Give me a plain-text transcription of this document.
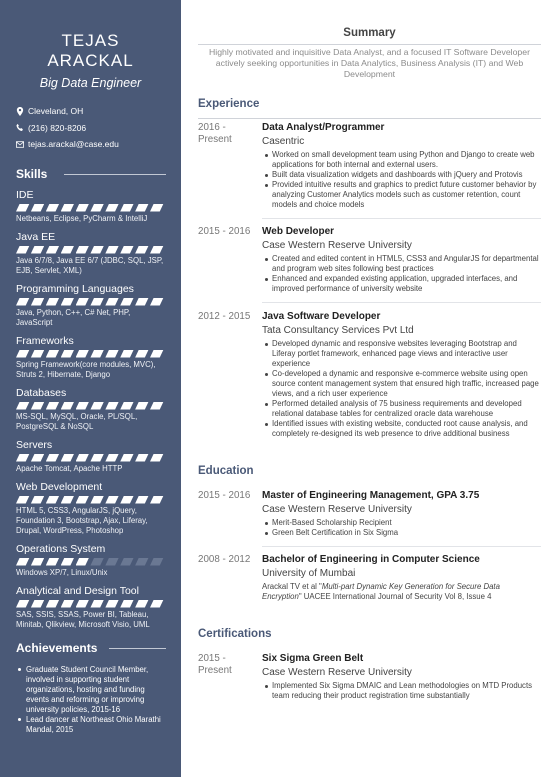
TEJAS ARACKAL
Big Data Engineer
Cleveland, OH
(216) 820-8206
tejas.arackal@case.edu
Skills
IDE
Netbeans, Eclipse, PyCharm & IntelliJ
Java EE
Java 6/7/8, Java EE 6/7 (JDBC, SQL, JSP, EJB, Servlet, XML)
Programming Languages
Java, Python, C++, C# Net, PHP, JavaScript
Frameworks
Spring Framework(core modules, MVC), Struts 2, Hibernate, Django
Databases
MS-SQL, MySQL, Oracle, PL/SQL, PostgreSQL & NoSQL
Servers
Apache Tomcat, Apache HTTP
Web Development
HTML 5, CSS3, AngularJS, jQuery, Foundation 3, Bootstrap, Ajax, Liferay, Drupal, WordPress, Photoshop
Operations System
Windows XP/7, Linux/Unix
Analytical and Design Tool
SAS, SSIS, SSAS, Power BI, Tableau, Minitab, Qlikview, Microsoft Visio, UML
Achievements
Graduate Student Council Member, involved in supporting student organizations, hosting and funding events and reforming or improving university policies, 2015-16
Lead dancer at Northeast Ohio Marathi Mandal, 2015
Summary
Highly motivated and inquisitive Data Analyst, and a focused IT Software Developer actively seeking opportunities in Data Analytics, Business Analysis (IT) and Web Development
Experience
2016 - Present
Data Analyst/Programmer
Casentric
Worked on small development team using Python and Django to create web applications for both internal and external users.
Built data visualization widgets and dashboards with jQuery and Protovis
Provided intuitive results and graphics to predict future customer behavior by analyzing Customer Analytics models such as customer retention, count models and choice models
2015 - 2016	Web Developer
Case Western Reserve University
Created and edited content in HTML5, CSS3 and AngularJS for departmental and program web sites following best practices
Enhanced and expanded existing application, upgraded interfaces, and improved performance of university website
2012 - 2015	Java Software Developer
Tata Consultancy Services Pvt Ltd
Developed dynamic and responsive websites leveraging Bootstrap and Liferay portlet framework, enhanced page views and interactive user experience
Co-developed a dynamic and responsive e-commerce website using open source content management system that ensured high traffic, increased page views, and a rich user experience
Performed detailed analysis of 75 business requirements and developed relational database tables for centralized oracle data warehouse
Identified issues with existing website, conducted root cause analysis, and completely re-designed its web presence to drive additional business
Education
2015 - 2016	Master of Engineering Management, GPA 3.75
Case Western Reserve University
Merit-Based Scholarship Recipient
Green Belt Certification in Six Sigma
2008 - 2012	Bachelor of Engineering in Computer Science
University of Mumbai
Arackal TV et al "Multi-part Dynamic Key Generation for Secure Data Encryption" UACEE International Journal of Security Vol 8, Issue 4
Certifications
2015 - Present
Six Sigma Green Belt
Case Western Reserve University
Implemented Six Sigma DMAIC and Lean methodologies on MTD Products team reducing their product registration time substantially
